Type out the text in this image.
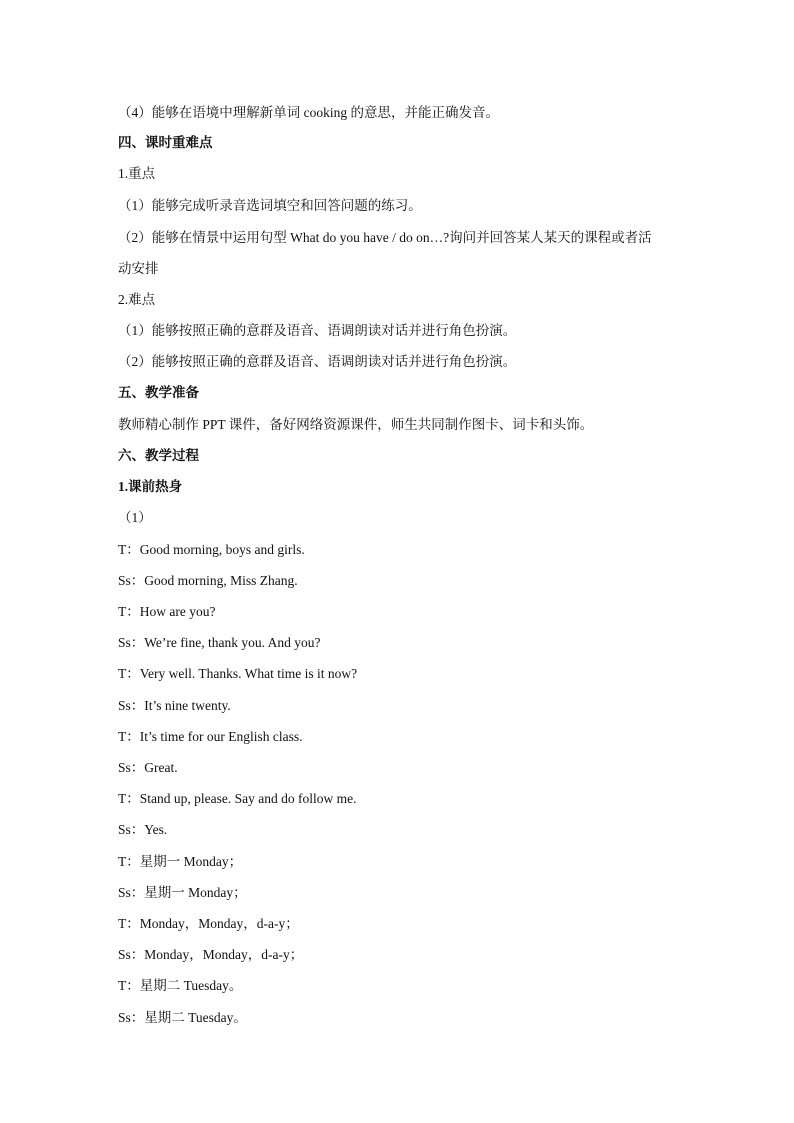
（4）能够在语境中理解新单词 cooking 的意思，并能正确发音。
四、课时重难点
1.重点
（1）能够完成听录音选词填空和回答问题的练习。
（2）能够在情景中运用句型 What do you have / do on…?询问并回答某人某天的课程或者活
动安排
2.难点
（1）能够按照正确的意群及语音、语调朗读对话并进行角色扮演。
（2）能够按照正确的意群及语音、语调朗读对话并进行角色扮演。
五、教学准备
教师精心制作 PPT 课件，备好网络资源课件，师生共同制作图卡、词卡和头饰。
六、教学过程
1.课前热身
（1）
T：Good morning, boys and girls.
Ss：Good morning, Miss Zhang.
T：How are you?
Ss：We’re fine, thank you. And you?
T：Very well. Thanks. What time is it now?
Ss：It’s nine twenty.
T：It’s time for our English class.
Ss：Great.
T：Stand up, please. Say and do follow me.
Ss：Yes.
T：星期一 Monday；
Ss：星期一 Monday；
T：Monday，Monday，d-a-y；
Ss：Monday，Monday，d-a-y；
T：星期二 Tuesday。
Ss：星期二 Tuesday。
